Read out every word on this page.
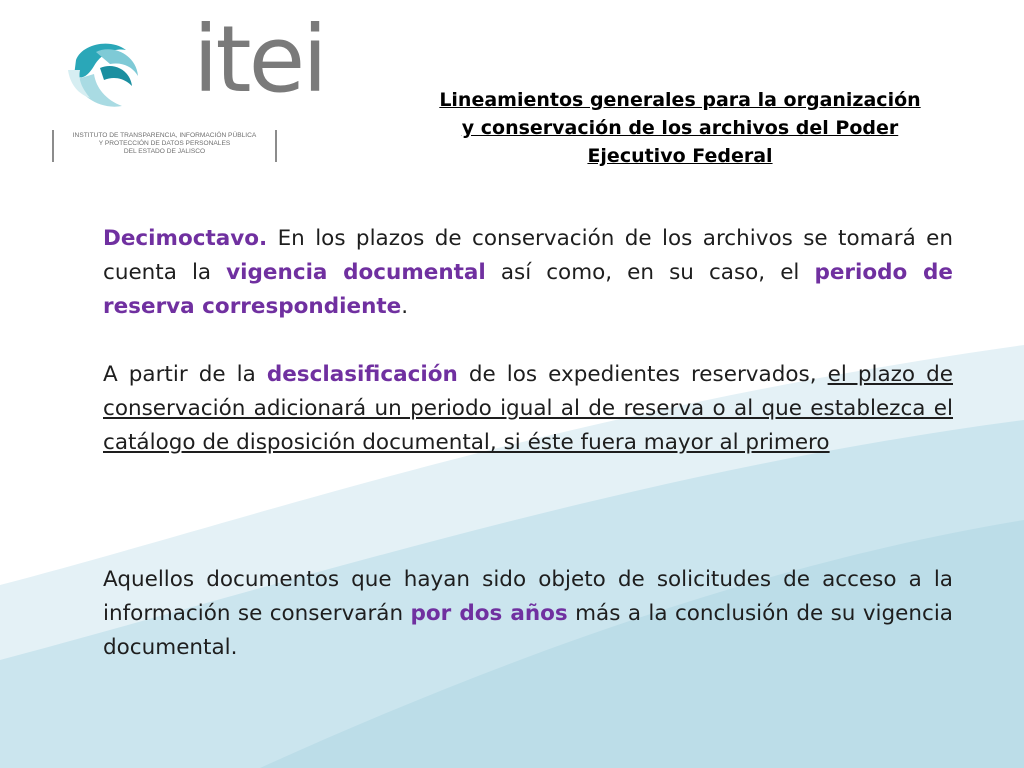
itei
INSTITUTO DE TRANSPARENCIA, INFORMACIÓN PÚBLICA
Y PROTECCIÓN DE DATOS PERSONALES
DEL ESTADO DE JALISCO
Lineamientos generales para la organización
y conservación de los archivos del Poder
Ejecutivo Federal

Decimoctavo. En los plazos de conservación de los archivos se tomará en cuenta la vigencia documental así como, en su caso, el periodo de reserva correspondiente.

A partir de la desclasificación de los expedientes reservados, el plazo de conservación adicionará un periodo igual al de reserva o al que establezca el catálogo de disposición documental, si éste fuera mayor al primero

Aquellos documentos que hayan sido objeto de solicitudes de acceso a la información se conservarán por dos años más a la conclusión de su vigencia documental.
